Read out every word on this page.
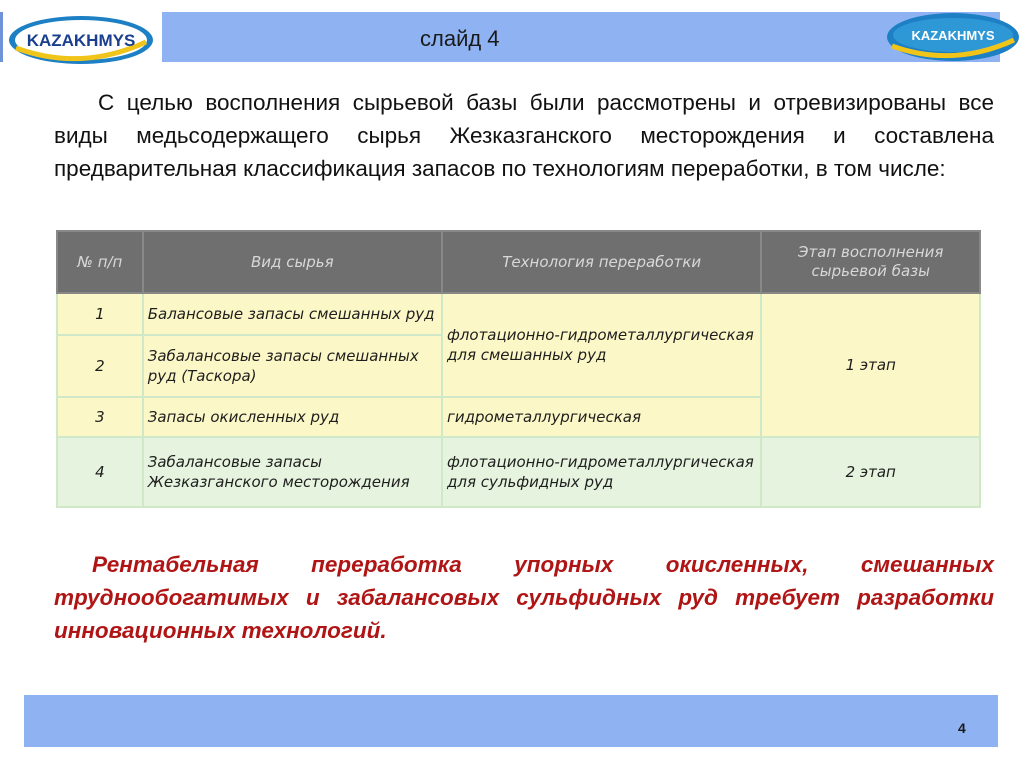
KAZAKHMYS	слайд 4	KAZAKHMYS
С целью восполнения сырьевой базы были рассмотрены и отревизированы все виды медьсодержащего сырья Жезказганского месторождения и составлена предварительная классификация запасов по технологиям переработки, в том числе:
№ п/п	Вид сырья	Технология переработки	Этап восполнения сырьевой базы
1	Балансовые запасы смешанных руд	флотационно-гидрометаллургическая для смешанных руд	1 этап
2	Забалансовые запасы смешанных руд (Таскора)		
3	Запасы окисленных руд	гидрометаллургическая	
4	Забалансовые запасы Жезказганского месторождения	флотационно-гидрометаллургическая для сульфидных руд	2 этап
Рентабельная переработка упорных окисленных, смешанных труднообогатимых и забалансовых сульфидных руд требует разработки инновационных технологий.
4
